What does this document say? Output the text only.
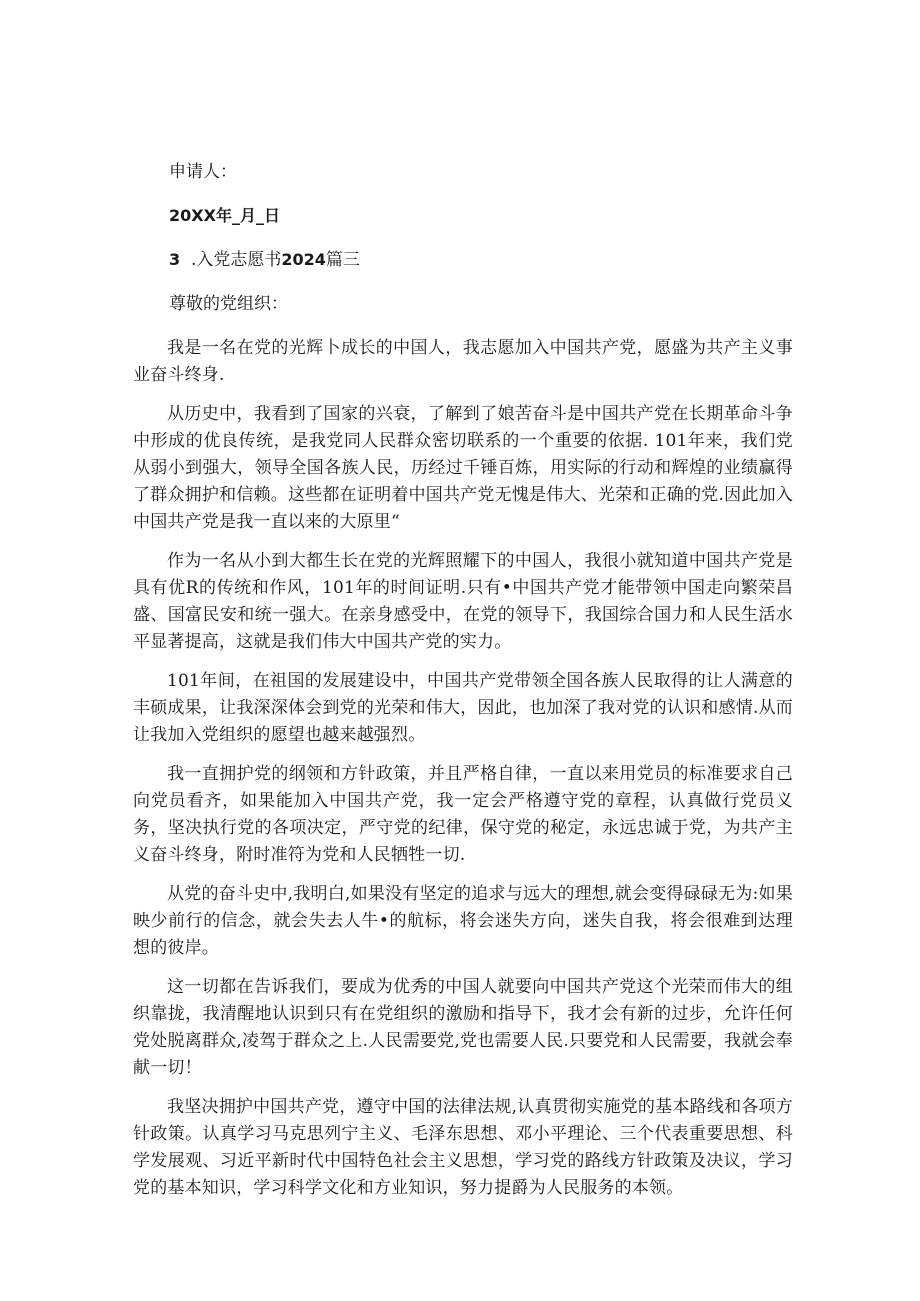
申请人：

20XX年_月_日

3 .入党志愿书2024篇三

尊敬的党组织：

我是一名在党的光辉卜成长的中国人，我志愿加入中国共产党，愿盛为共产主义事业奋斗终身.

从历史中，我看到了国家的兴衰，了解到了娘苦奋斗是中国共产党在长期革命斗争中形成的优良传统，是我党同人民群众密切联系的一个重要的依据. 101年来，我们党从弱小到强大，领导全国各族人民，历经过千锤百炼，用实际的行动和辉煌的业绩赢得了群众拥护和信赖。这些都在证明着中国共产党无愧是伟大、光荣和正确的党.因此加入中国共产党是我一直以来的大原里“

作为一名从小到大都生长在党的光辉照耀下的中国人，我很小就知道中国共产党是具有优R的传统和作风，101年的时间证明.只有•中国共产党才能带领中国走向繁荣昌盛、国富民安和统一强大。在亲身感受中，在党的领导下，我国综合国力和人民生活水平显著提高，这就是我们伟大中国共产党的实力。

101年间，在祖国的发展建设中，中国共产党带领全国各族人民取得的让人满意的丰硕成果，让我深深体会到党的光荣和伟大，因此，也加深了我对党的认识和感情.从而让我加入党组织的愿望也越来越强烈。

我一直拥护党的纲领和方针政策，并且严格自律，一直以来用党员的标准要求自己向党员看齐，如果能加入中国共产党，我一定会严格遵守党的章程，认真做行党员义务，坚决执行党的各项决定，严守党的纪律，保守党的秘定，永远忠诚于党，为共产主义奋斗终身，附时准符为党和人民牺牲一切.

从党的奋斗史中,我明白,如果没有坚定的追求与远大的理想,就会变得碌碌无为:如果映少前行的信念，就会失去人牛•的航标，将会迷失方向，迷失自我，将会很难到达理想的彼岸。

这一切都在告诉我们，要成为优秀的中国人就要向中国共产党这个光荣而伟大的组织靠拢，我清醒地认识到只有在党组织的激励和指导下，我才会有新的过步，允许任何党处脱离群众,凌驾于群众之上.人民需要党,党也需要人民.只要党和人民需要，我就会奉献一切！

我坚决拥护中国共产党，遵守中国的法律法规,认真贯彻实施党的基本路线和各项方针政策。认真学习马克思列宁主义、毛泽东思想、邓小平理论、三个代表重要思想、科学发展观、习近平新时代中国特色社会主义思想，学习党的路线方针政策及决议，学习党的基本知识，学习科学文化和方业知识，努力提爵为人民服务的本领。
